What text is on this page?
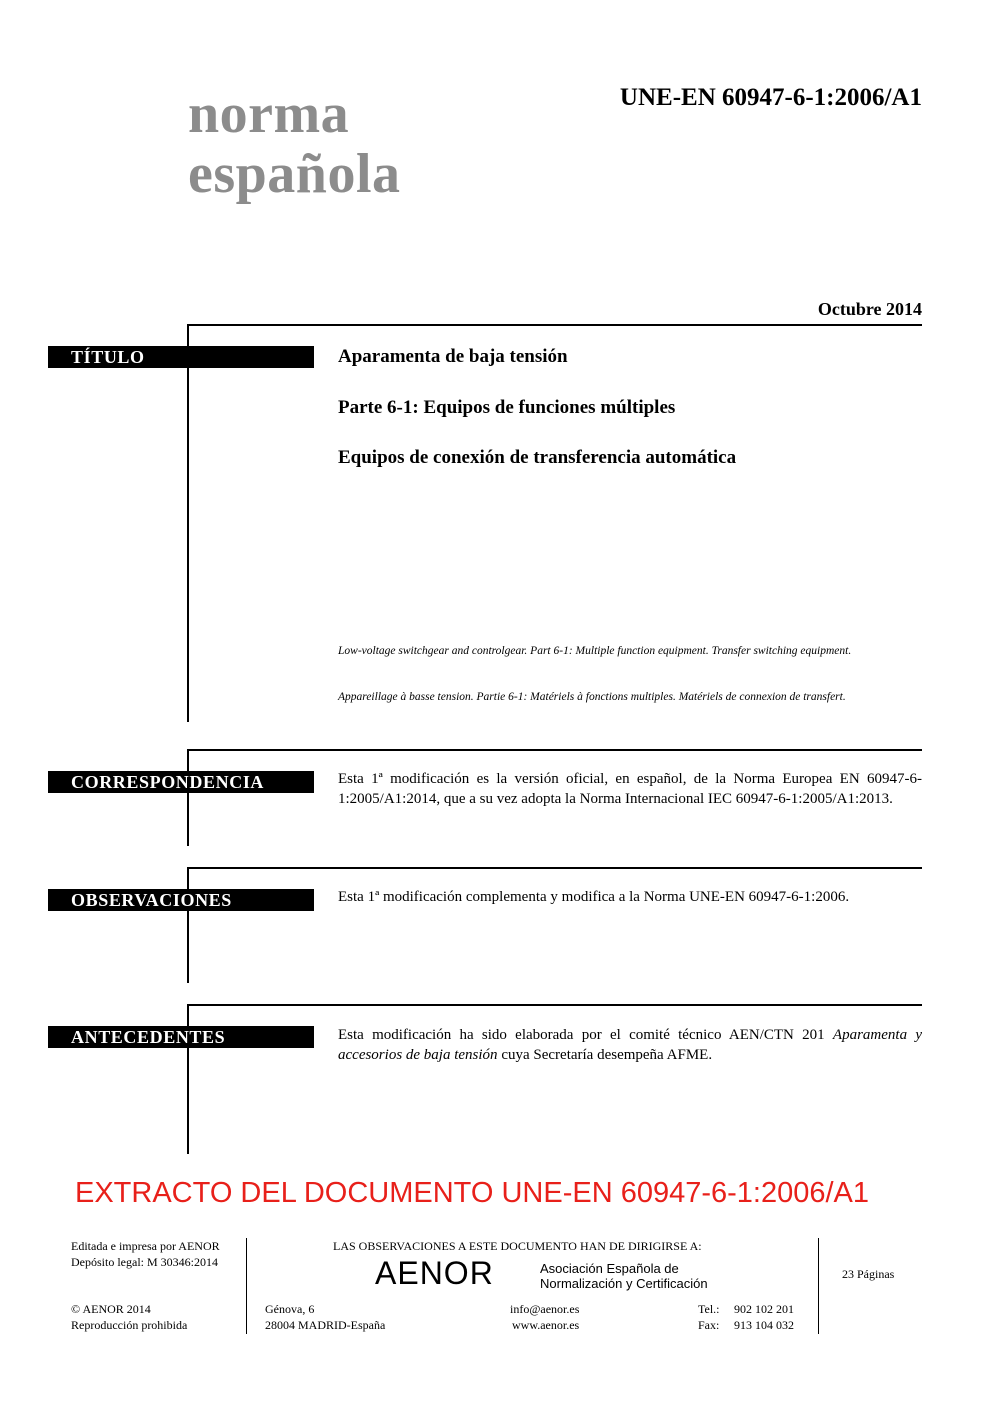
norma
española
UNE-EN 60947-6-1:2006/A1
Octubre 2014
TÍTULO	Aparamenta de baja tensión
Parte 6-1: Equipos de funciones múltiples
Equipos de conexión de transferencia automática
Low-voltage switchgear and controlgear. Part 6-1: Multiple function equipment. Transfer switching equipment.
Appareillage à basse tension. Partie 6-1: Matériels à fonctions multiples. Matériels de connexion de transfert.
CORRESPONDENCIA	Esta 1ª modificación es la versión oficial, en español, de la Norma Europea EN 60947-6-1:2005/A1:2014, que a su vez adopta la Norma Internacional IEC 60947-6-1:2005/A1:2013.
OBSERVACIONES	Esta 1ª modificación complementa y modifica a la Norma UNE-EN 60947-6-1:2006.
ANTECEDENTES	Esta modificación ha sido elaborada por el comité técnico AEN/CTN 201 Aparamenta y accesorios de baja tensión cuya Secretaría desempeña AFME.
EXTRACTO DEL DOCUMENTO UNE-EN 60947-6-1:2006/A1
Editada e impresa por AENOR
Depósito legal: M 30346:2014
© AENOR 2014
Reproducción prohibida
LAS OBSERVACIONES A ESTE DOCUMENTO HAN DE DIRIGIRSE A:
AENOR	Asociación Española de
Normalización y Certificación
Génova, 6
28004 MADRID-España
info@aenor.es
www.aenor.es
Tel.: 902 102 201
Fax: 913 104 032
23 Páginas
